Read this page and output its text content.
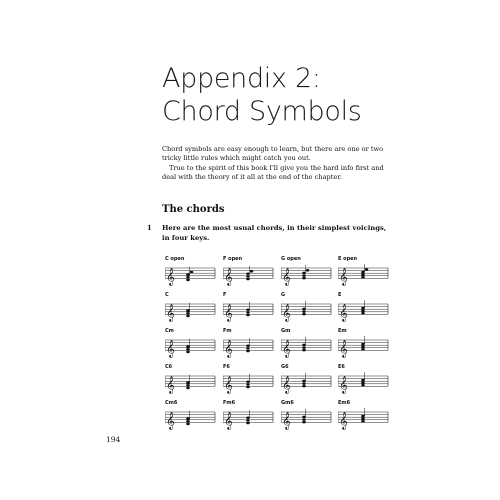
Appendix 2:
Chord Symbols

Chord symbols are easy enough to learn, but there are one or two tricky little rules which might catch you out.

True to the spirit of this book I'll give you the hard info first and deal with the theory of it all at the end of the chapter.

The chords
1 Here are the most usual chords, in their simplest voicings, in four keys.
C open
𝄞
F open
𝄞
G open
𝄞
E open
𝄞
C
𝄞
F
𝄞
G
𝄞
E
𝄞
Cm
𝄞
Fm
𝄞
Gm
𝄞
Em
𝄞
C6
𝄞
F6
𝄞
G6
𝄞
E6
𝄞
Cm6
𝄞
Fm6
𝄞
Gm6
𝄞
Em6
𝄞

194
